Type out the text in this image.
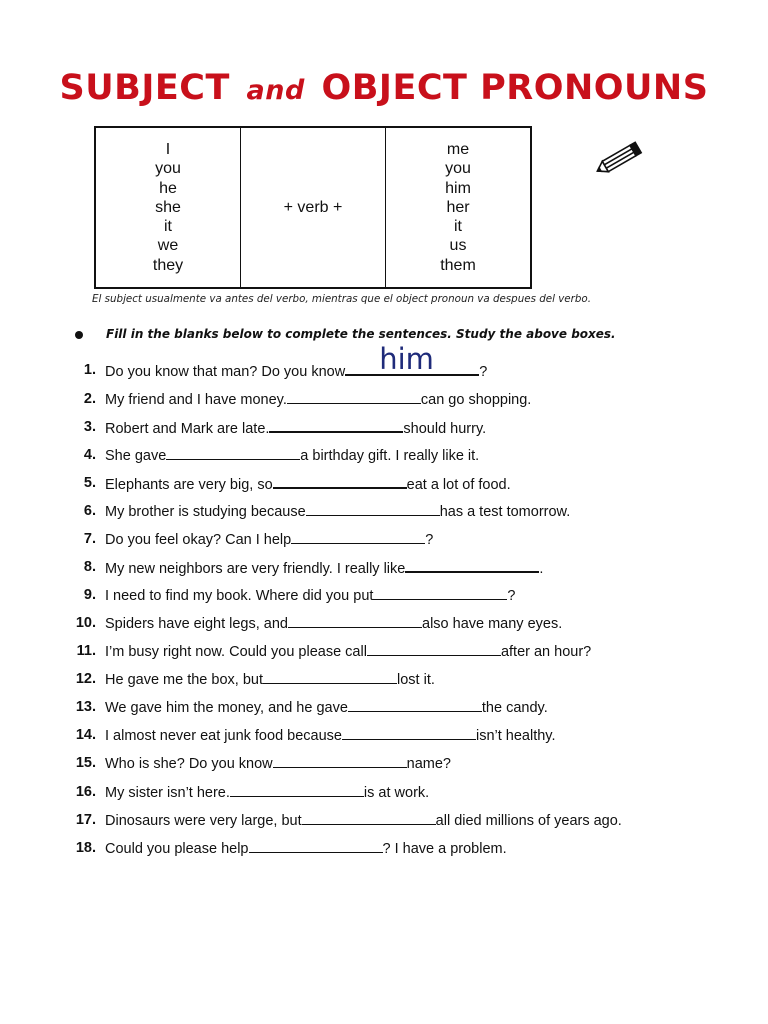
SUBJECT and OBJECT PRONOUNS
I
you
he
she
it
we
they
+ verb +
me
you
him
her
it
us
them
El subject usualmente va antes del verbo, mientras que el object pronoun va despues del verbo.
Fill in the blanks below to complete the sentences. Study the above boxes.
1. Do you know that man? Do you know him	?
2. My friend and I have money.	can go shopping.
3. Robert and Mark are late.	should hurry.
4. She gave	a birthday gift. I really like it.
5. Elephants are very big, so	eat a lot of food.
6. My brother is studying because	has a test tomorrow.
7. Do you feel okay? Can I help	?
8. My new neighbors are very friendly. I really like	.
9. I need to find my book. Where did you put	?
10. Spiders have eight legs, and	also have many eyes.
11. I’m busy right now. Could you please call	after an hour?
12. He gave me the box, but	lost it.
13. We gave him the money, and he gave	the candy.
14. I almost never eat junk food because	isn’t healthy.
15. Who is she? Do you know	name?
16. My sister isn’t here.	is at work.
17. Dinosaurs were very large, but	all died millions of years ago.
18. Could you please help	? I have a problem.
